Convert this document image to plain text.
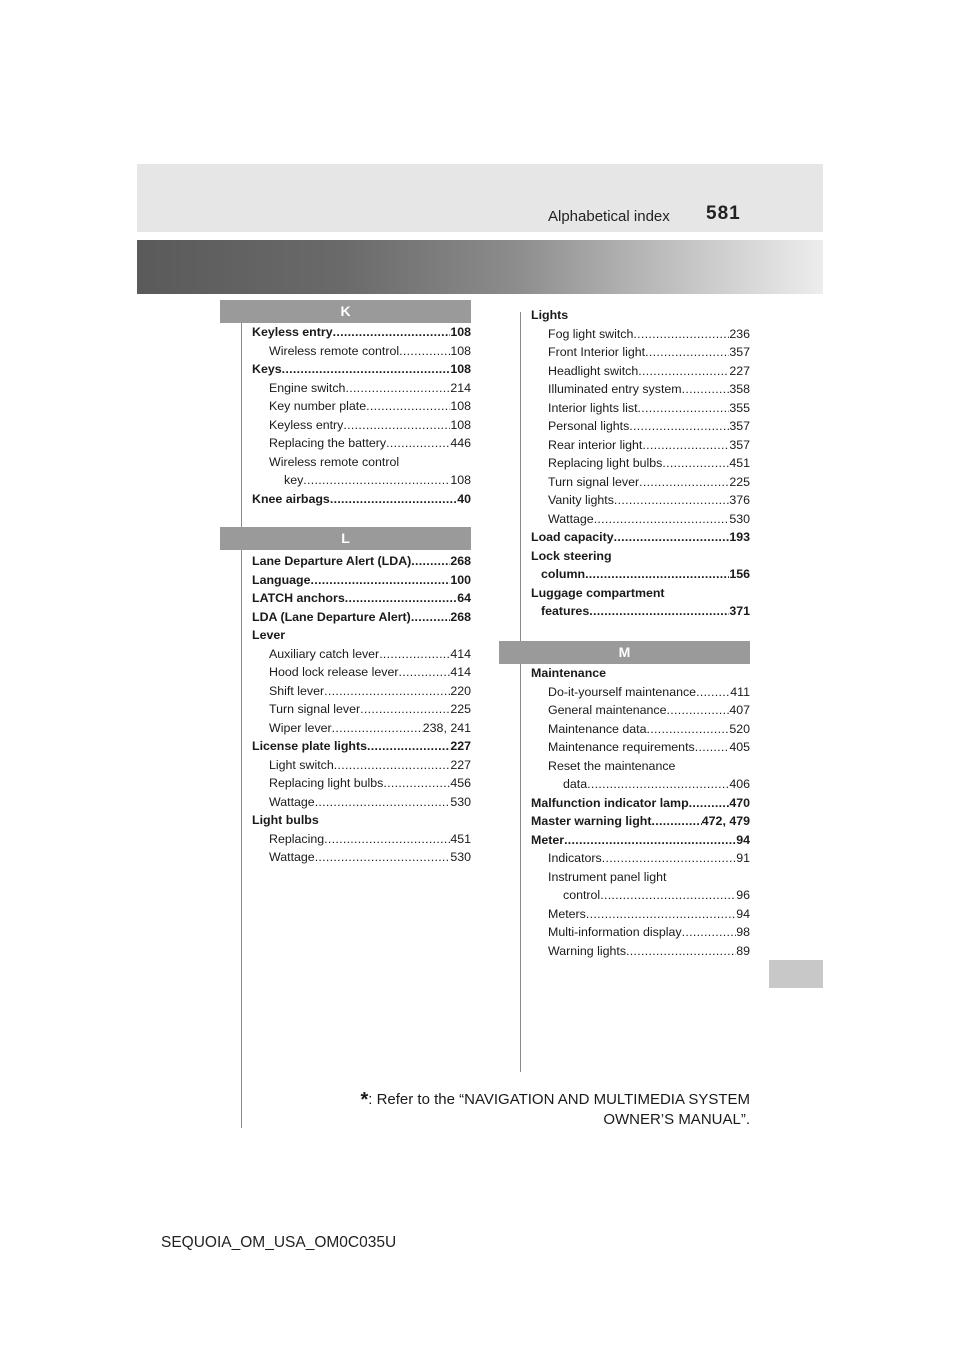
Alphabetical index 581
K
L
M
Keyless entry .....	108
Wireless remote control .....	108
Keys .....	108
Engine switch .....	214
Key number plate .....	108
Keyless entry .....	108
Replacing the battery .....	446
Wireless remote control
key .....	108
Knee airbags .....	40
Lane Departure Alert (LDA) .....	268
Language .....	100
LATCH anchors .....	64
LDA (Lane Departure Alert) .....	268
Lever
Auxiliary catch lever .....	414
Hood lock release lever .....	414
Shift lever .....	220
Turn signal lever .....	225
Wiper lever .....	238, 241
License plate lights .....	227
Light switch .....	227
Replacing light bulbs .....	456
Wattage .....	530
Light bulbs
Replacing .....	451
Wattage .....	530
Lights
Fog light switch .....	236
Front Interior light .....	357
Headlight switch .....	227
Illuminated entry system .....	358
Interior lights list .....	355
Personal lights .....	357
Rear interior light .....	357
Replacing light bulbs .....	451
Turn signal lever .....	225
Vanity lights .....	376
Wattage .....	530
Load capacity .....	193
Lock steering
column .....	156
Luggage compartment
features .....	371
Maintenance
Do-it-yourself maintenance .....	411
General maintenance .....	407
Maintenance data .....	520
Maintenance requirements .....	405
Reset the maintenance
data .....	406
Malfunction indicator lamp .....	470
Master warning light .....	472, 479
Meter .....	94
Indicators .....	91
Instrument panel light
control .....	96
Meters .....	94
Multi-information display .....	98
Warning lights .....	89
*: Refer to the “NAVIGATION AND MULTIMEDIA SYSTEM
OWNER’S MANUAL”.
SEQUOIA_OM_USA_OM0C035U
